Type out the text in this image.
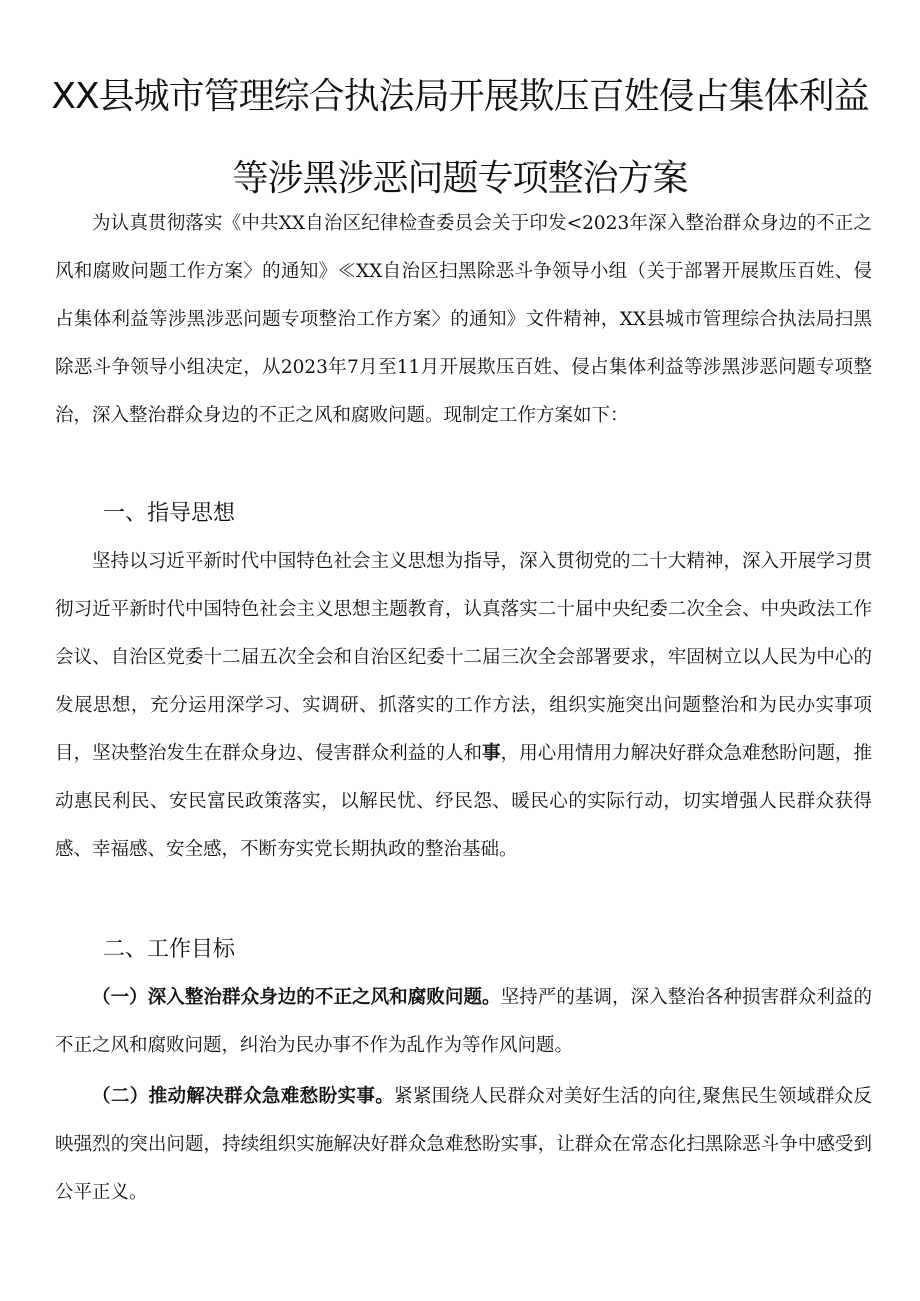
XX县城市管理综合执法局开展欺压百姓侵占集体利益
等涉黑涉恶问题专项整治方案

为认真贯彻落实《中共XX自治区纪律检查委员会关于印发<2023年深入整治群众身边的不正之风和腐败问题工作方案〉的通知》≪XX自治区扫黑除恶斗争领导小组（关于部署开展欺压百姓、侵占集体利益等涉黑涉恶问题专项整治工作方案〉的通知》文件精神，XX县城市管理综合执法局扫黑除恶斗争领导小组决定，从2023年7月至11月开展欺压百姓、侵占集体利益等涉黑涉恶问题专项整治，深入整治群众身边的不正之风和腐败问题。现制定工作方案如下：

一、指导思想

坚持以习近平新时代中国特色社会主义思想为指导，深入贯彻党的二十大精神，深入开展学习贯彻习近平新时代中国特色社会主义思想主题教育，认真落实二十届中央纪委二次全会、中央政法工作会议、自治区党委十二届五次全会和自治区纪委十二届三次全会部署要求，牢固树立以人民为中心的发展思想，充分运用深学习、实调研、抓落实的工作方法，组织实施突出问题整治和为民办实事项目，坚决整治发生在群众身边、侵害群众利益的人和事，用心用情用力解决好群众急难愁盼问题，推动惠民利民、安民富民政策落实，以解民忧、纾民怨、暖民心的实际行动，切实增强人民群众获得感、幸福感、安全感，不断夯实党长期执政的整治基础。

二、工作目标

（一）深入整治群众身边的不正之风和腐败问题。坚持严的基调，深入整治各种损害群众利益的不正之风和腐败问题，纠治为民办事不作为乱作为等作风问题。

（二）推动解决群众急难愁盼实事。紧紧围绕人民群众对美好生活的向往,聚焦民生领域群众反映强烈的突出问题，持续组织实施解决好群众急难愁盼实事，让群众在常态化扫黑除恶斗争中感受到公平正义。
